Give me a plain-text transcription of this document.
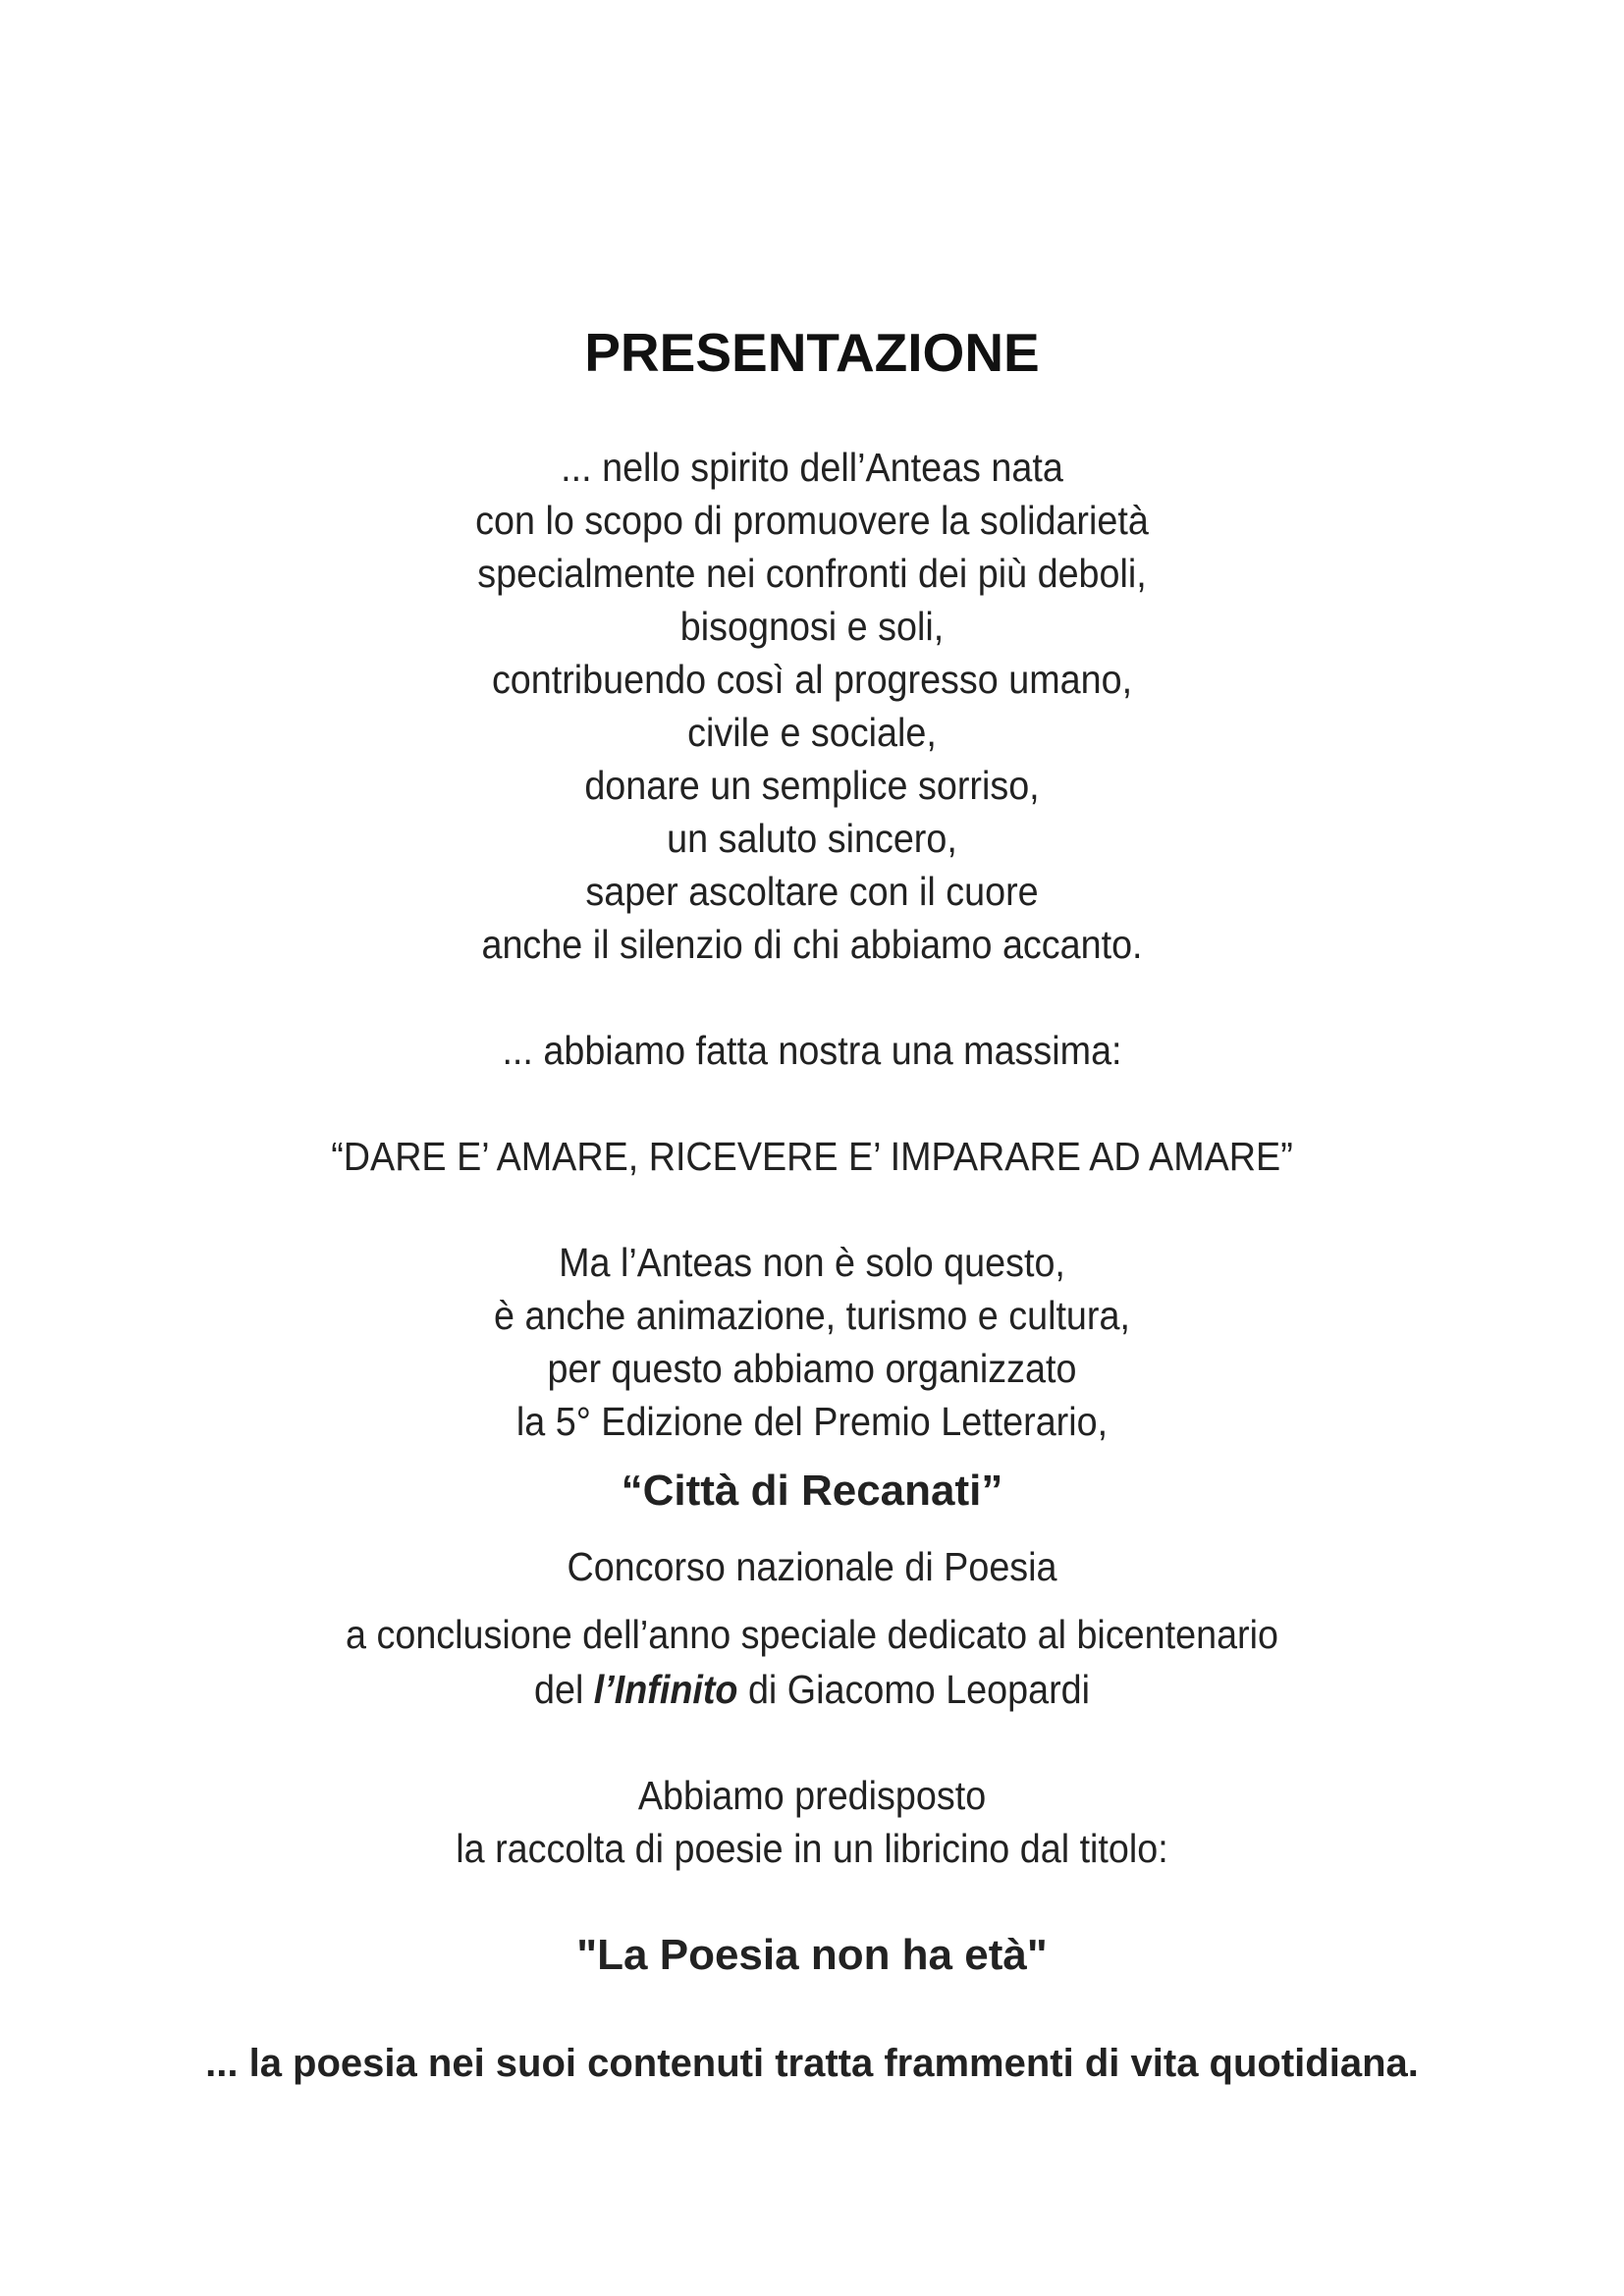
PRESENTAZIONE
... nello spirito dell’Anteas nata
con lo scopo di promuovere la solidarietà
specialmente nei confronti dei più deboli,
bisognosi e soli,
contribuendo così al progresso umano,
civile e sociale,
donare un semplice sorriso,
un saluto sincero,
saper ascoltare con il cuore
anche il silenzio di chi abbiamo accanto.
... abbiamo fatta nostra una massima:
“DARE E’ AMARE, RICEVERE E’ IMPARARE AD AMARE”
Ma l’Anteas non è solo questo,
è anche animazione, turismo e cultura,
per questo abbiamo organizzato
la 5° Edizione del Premio Letterario,
“Città di Recanati”
Concorso nazionale di Poesia
a conclusione dell’anno speciale dedicato al bicentenario
del l’Infinito di Giacomo Leopardi
Abbiamo predisposto
la raccolta di poesie in un libricino dal titolo:
"La Poesia non ha età"
... la poesia nei suoi contenuti tratta frammenti di vita quotidiana.
